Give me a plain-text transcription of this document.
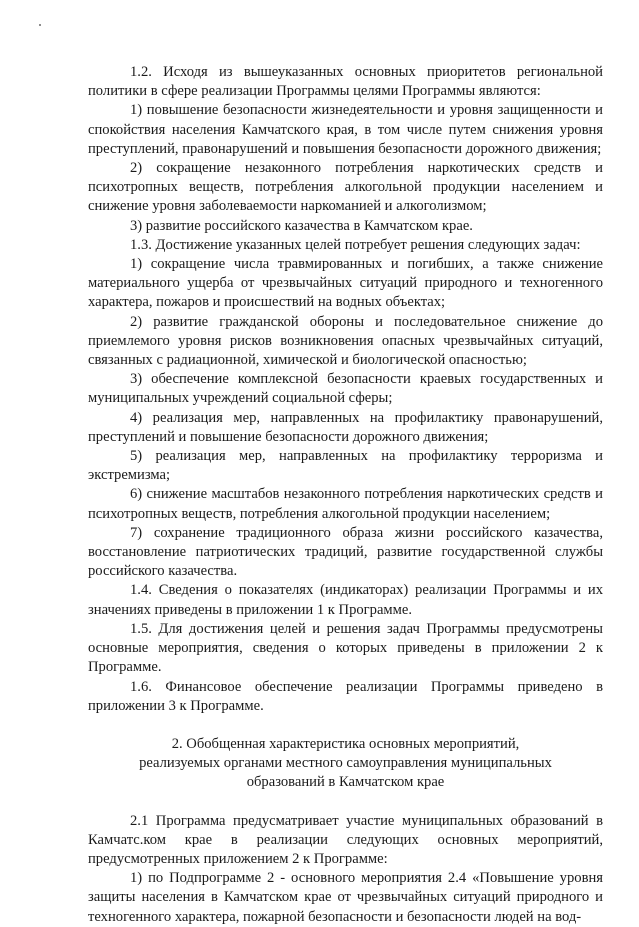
1.2. Исходя из вышеуказанных основных приоритетов региональной политики в сфере реализации Программы целями Программы являются:

1) повышение безопасности жизнедеятельности и уровня защищенности и спокойствия населения Камчатского края, в том числе путем снижения уровня преступлений, правонарушений и повышения безопасности дорожного движения;

2) сокращение незаконного потребления наркотических средств и психотропных веществ, потребления алкогольной продукции населением и снижение уровня заболеваемости наркоманией и алкоголизмом;

3) развитие российского казачества в Камчатском крае.

1.3. Достижение указанных целей потребует решения следующих задач:

1) сокращение числа травмированных и погибших, а также снижение материального ущерба от чрезвычайных ситуаций природного и техногенного характера, пожаров и происшествий на водных объектах;

2) развитие гражданской обороны и последовательное снижение до приемлемого уровня рисков возникновения опасных чрезвычайных ситуаций, связанных с радиационной, химической и биологической опасностью;

3) обеспечение комплексной безопасности краевых государственных и муниципальных учреждений социальной сферы;

4) реализация мер, направленных на профилактику правонарушений, преступлений и повышение безопасности дорожного движения;

5) реализация мер, направленных на профилактику терроризма и экстремизма;

6) снижение масштабов незаконного потребления наркотических средств и психотропных веществ, потребления алкогольной продукции населением;

7) сохранение традиционного образа жизни российского казачества, восстановление патриотических традиций, развитие государственной службы российского казачества.

1.4. Сведения о показателях (индикаторах) реализации Программы и их значениях приведены в приложении 1 к Программе.

1.5. Для достижения целей и решения задач Программы предусмотрены основные мероприятия, сведения о которых приведены в приложении 2 к Программе.

1.6. Финансовое обеспечение реализации Программы приведено в приложении 3 к Программе.

2. Обобщенная характеристика основных мероприятий,
реализуемых органами местного самоуправления муниципальных
образований в Камчатском крае

2.1 Программа предусматривает участие муниципальных образований в Камчатс.ком крае в реализации следующих основных мероприятий, предусмотренных приложением 2 к Программе:

1) по Подпрограмме 2 - основного мероприятия 2.4 «Повышение уровня защиты населения в Камчатском крае от чрезвычайных ситуаций природного и техногенного характера, пожарной безопасности и безопасности людей на вод-
